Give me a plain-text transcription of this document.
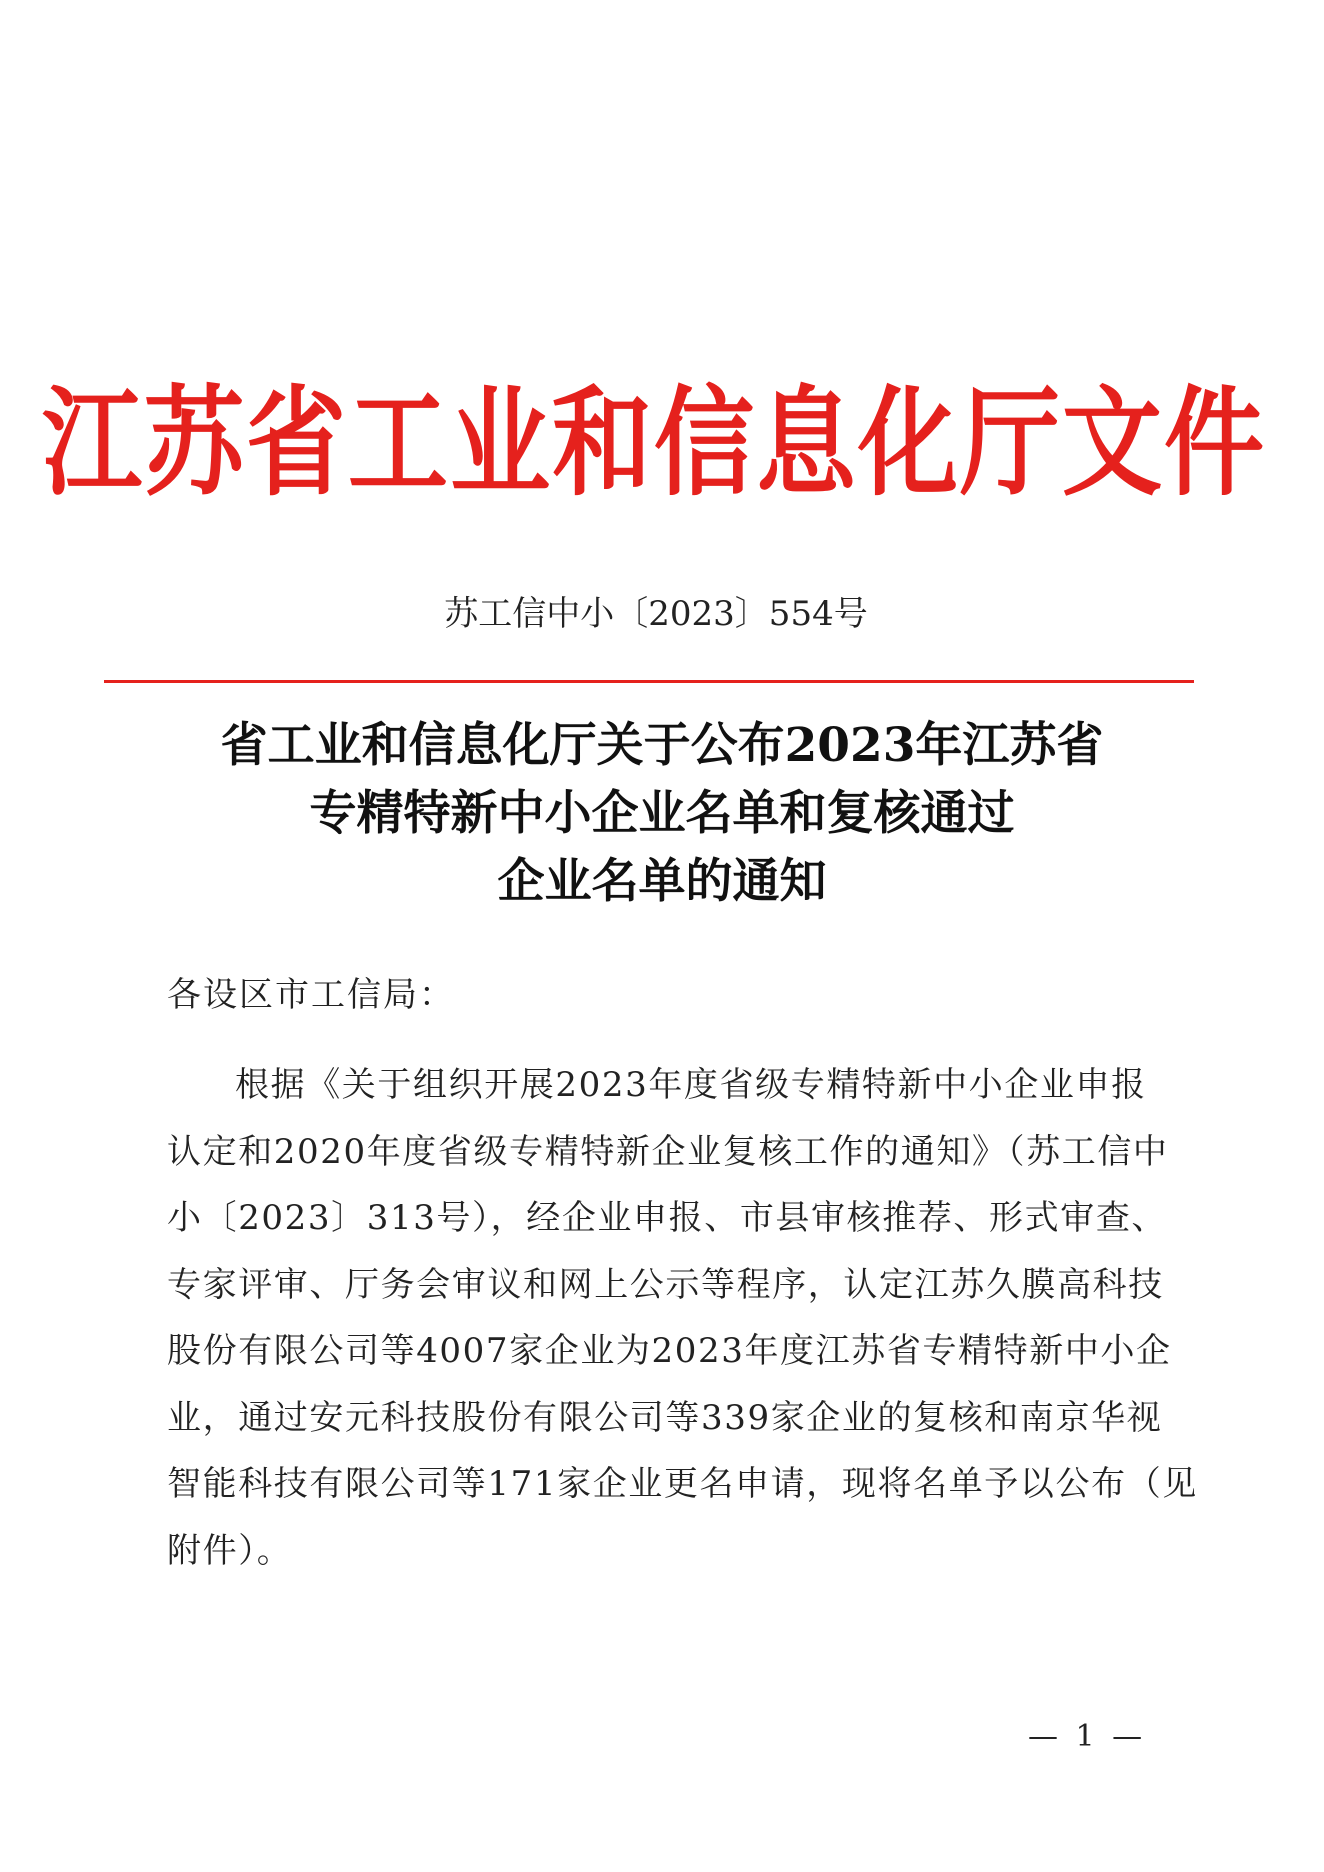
江苏省工业和信息化厅文件
苏工信中小〔2023〕554号
省工业和信息化厅关于公布2023年江苏省
专精特新中小企业名单和复核通过
企业名单的通知
各设区市工信局：
根据《关于组织开展2023年度省级专精特新中小企业申报
认定和2020年度省级专精特新企业复核工作的通知》（苏工信中
小〔2023〕313号），经企业申报、市县审核推荐、形式审查、
专家评审、厅务会审议和网上公示等程序，认定江苏久膜高科技
股份有限公司等4007家企业为2023年度江苏省专精特新中小企
业，通过安元科技股份有限公司等339家企业的复核和南京华视
智能科技有限公司等171家企业更名申请，现将名单予以公布（见
附件）。
— 1 —
